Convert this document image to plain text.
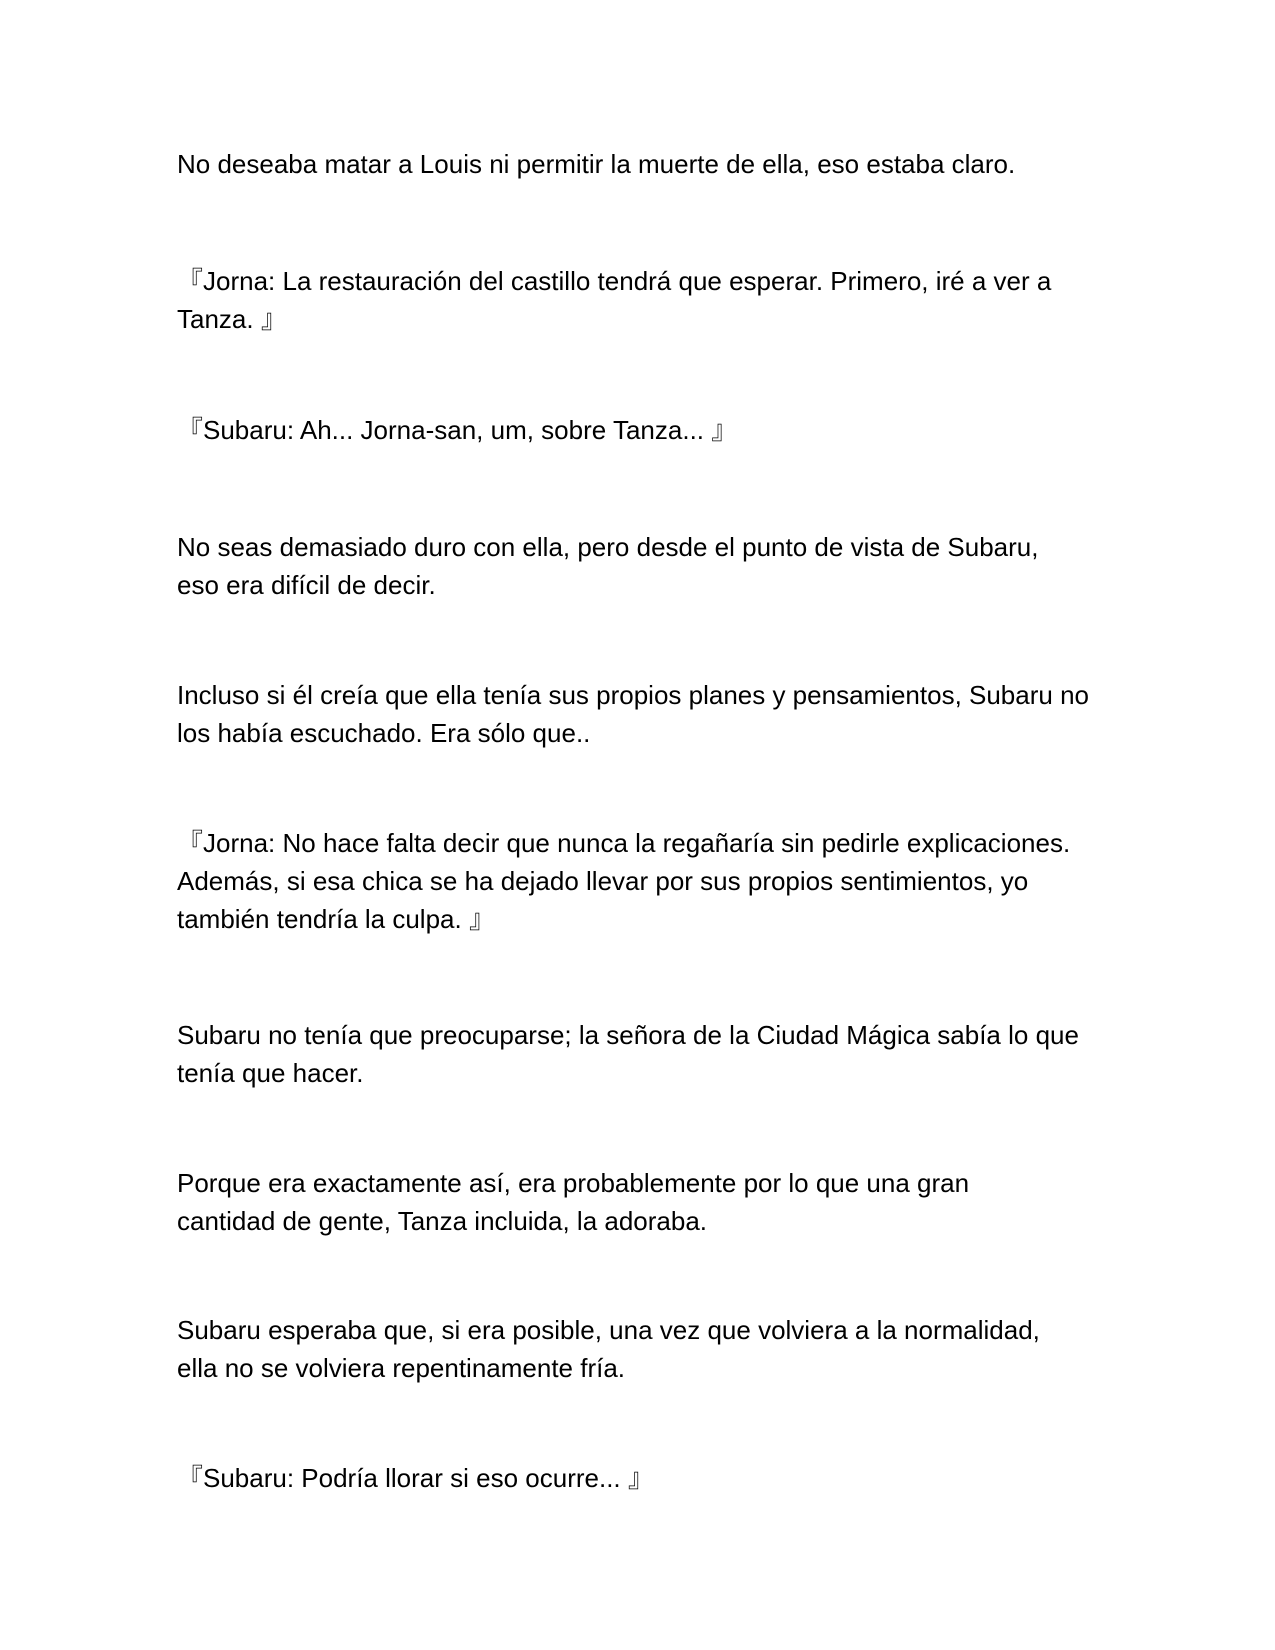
No deseaba matar a Louis ni permitir la muerte de ella, eso estaba claro.

『Jorna: La restauración del castillo tendrá que esperar. Primero, iré a ver a
Tanza. 』

『Subaru: Ah... Jorna-san, um, sobre Tanza... 』

No seas demasiado duro con ella, pero desde el punto de vista de Subaru,
eso era difícil de decir.

Incluso si él creía que ella tenía sus propios planes y pensamientos, Subaru no
los había escuchado. Era sólo que..

『Jorna: No hace falta decir que nunca la regañaría sin pedirle explicaciones.
Además, si esa chica se ha dejado llevar por sus propios sentimientos, yo
también tendría la culpa. 』

Subaru no tenía que preocuparse; la señora de la Ciudad Mágica sabía lo que
tenía que hacer.

Porque era exactamente así, era probablemente por lo que una gran
cantidad de gente, Tanza incluida, la adoraba.

Subaru esperaba que, si era posible, una vez que volviera a la normalidad,
ella no se volviera repentinamente fría.

『Subaru: Podría llorar si eso ocurre... 』
